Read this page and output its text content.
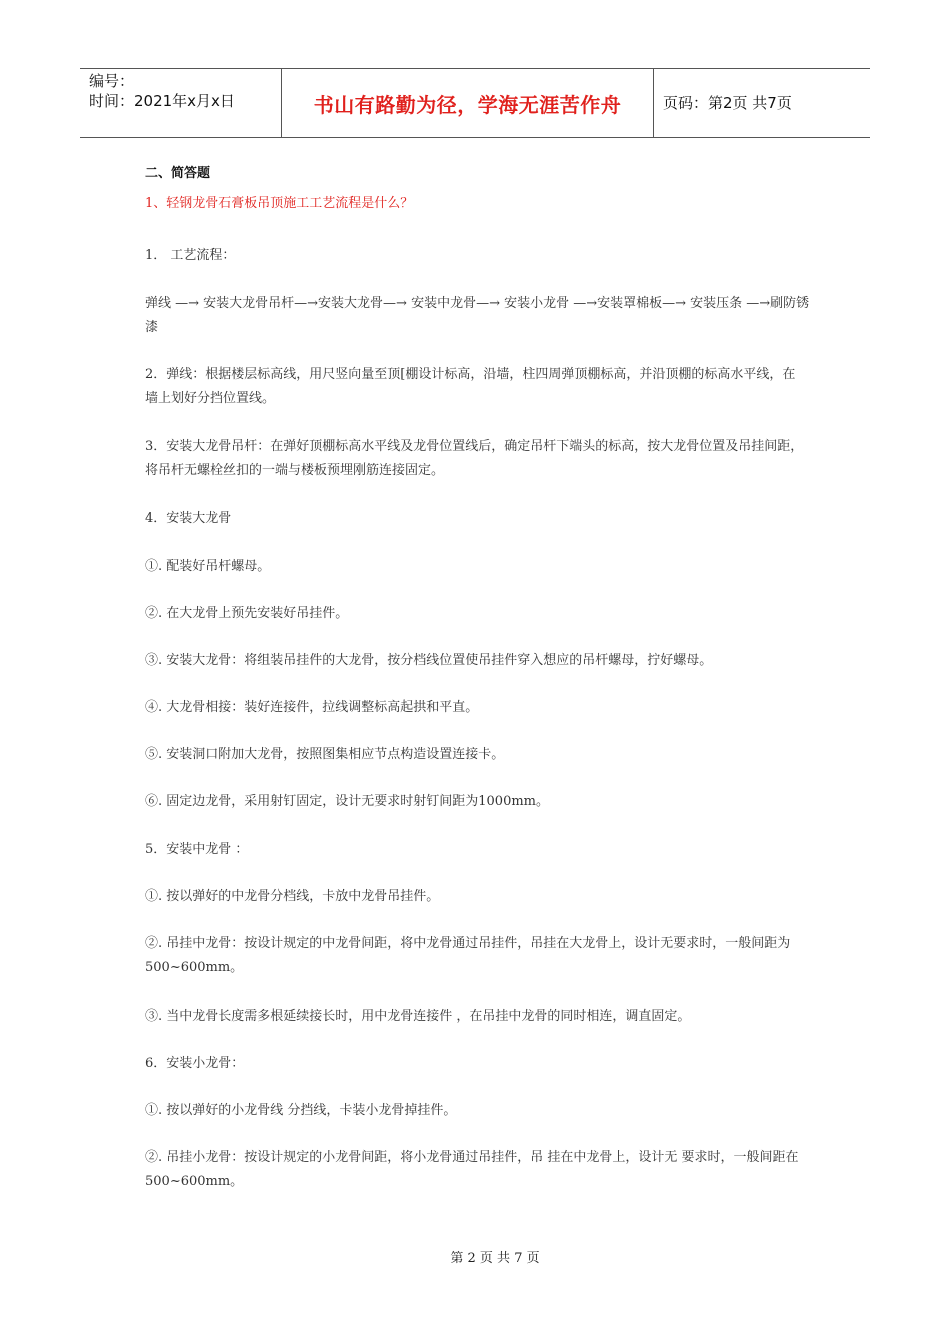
编号：
时间：2021年x月x日	书山有路勤为径，学海无涯苦作舟	页码：第2页 共7页
二、简答题
1、轻钢龙骨石膏板吊顶施工工艺流程是什么？
1． 工艺流程：
弹线 —→ 安装大龙骨吊杆—→安装大龙骨—→ 安装中龙骨—→ 安装小龙骨 —→安装罩棉板—→ 安装压条 —→刷防锈漆
2．弹线：根据楼层标高线，用尺竖向量至顶[棚设计标高，沿墙，柱四周弹顶棚标高，并沿顶棚的标高水平线，在 墙上划好分挡位置线。
3．安装大龙骨吊杆：在弹好顶棚标高水平线及龙骨位置线后，确定吊杆下端头的标高，按大龙骨位置及吊挂间距，将吊杆无螺栓丝扣的一端与楼板预埋刚筋连接固定。
4．安装大龙骨
①. 配装好吊杆螺母。
②. 在大龙骨上预先安装好吊挂件。
③. 安装大龙骨：将组装吊挂件的大龙骨，按分档线位置使吊挂件穿入想应的吊杆螺母，拧好螺母。
④. 大龙骨相接：装好连接件，拉线调整标高起拱和平直。
⑤. 安装洞口附加大龙骨，按照图集相应节点构造设置连接卡。
⑥. 固定边龙骨，采用射钉固定，设计无要求时射钉间距为1000mm。
5．安装中龙骨 ：
①. 按以弹好的中龙骨分档线，卡放中龙骨吊挂件。
②. 吊挂中龙骨：按设计规定的中龙骨间距，将中龙骨通过吊挂件，吊挂在大龙骨上，设计无要求时，一般间距为500~600mm。
③. 当中龙骨长度需多根延续接长时，用中龙骨连接件 ，在吊挂中龙骨的同时相连，调直固定。
6．安装小龙骨：
①. 按以弹好的小龙骨线 分挡线，卡装小龙骨掉挂件。
②. 吊挂小龙骨：按设计规定的小龙骨间距，将小龙骨通过吊挂件，吊 挂在中龙骨上，设计无 要求时，一般间距在500~600mm。
第 2 页 共 7 页
